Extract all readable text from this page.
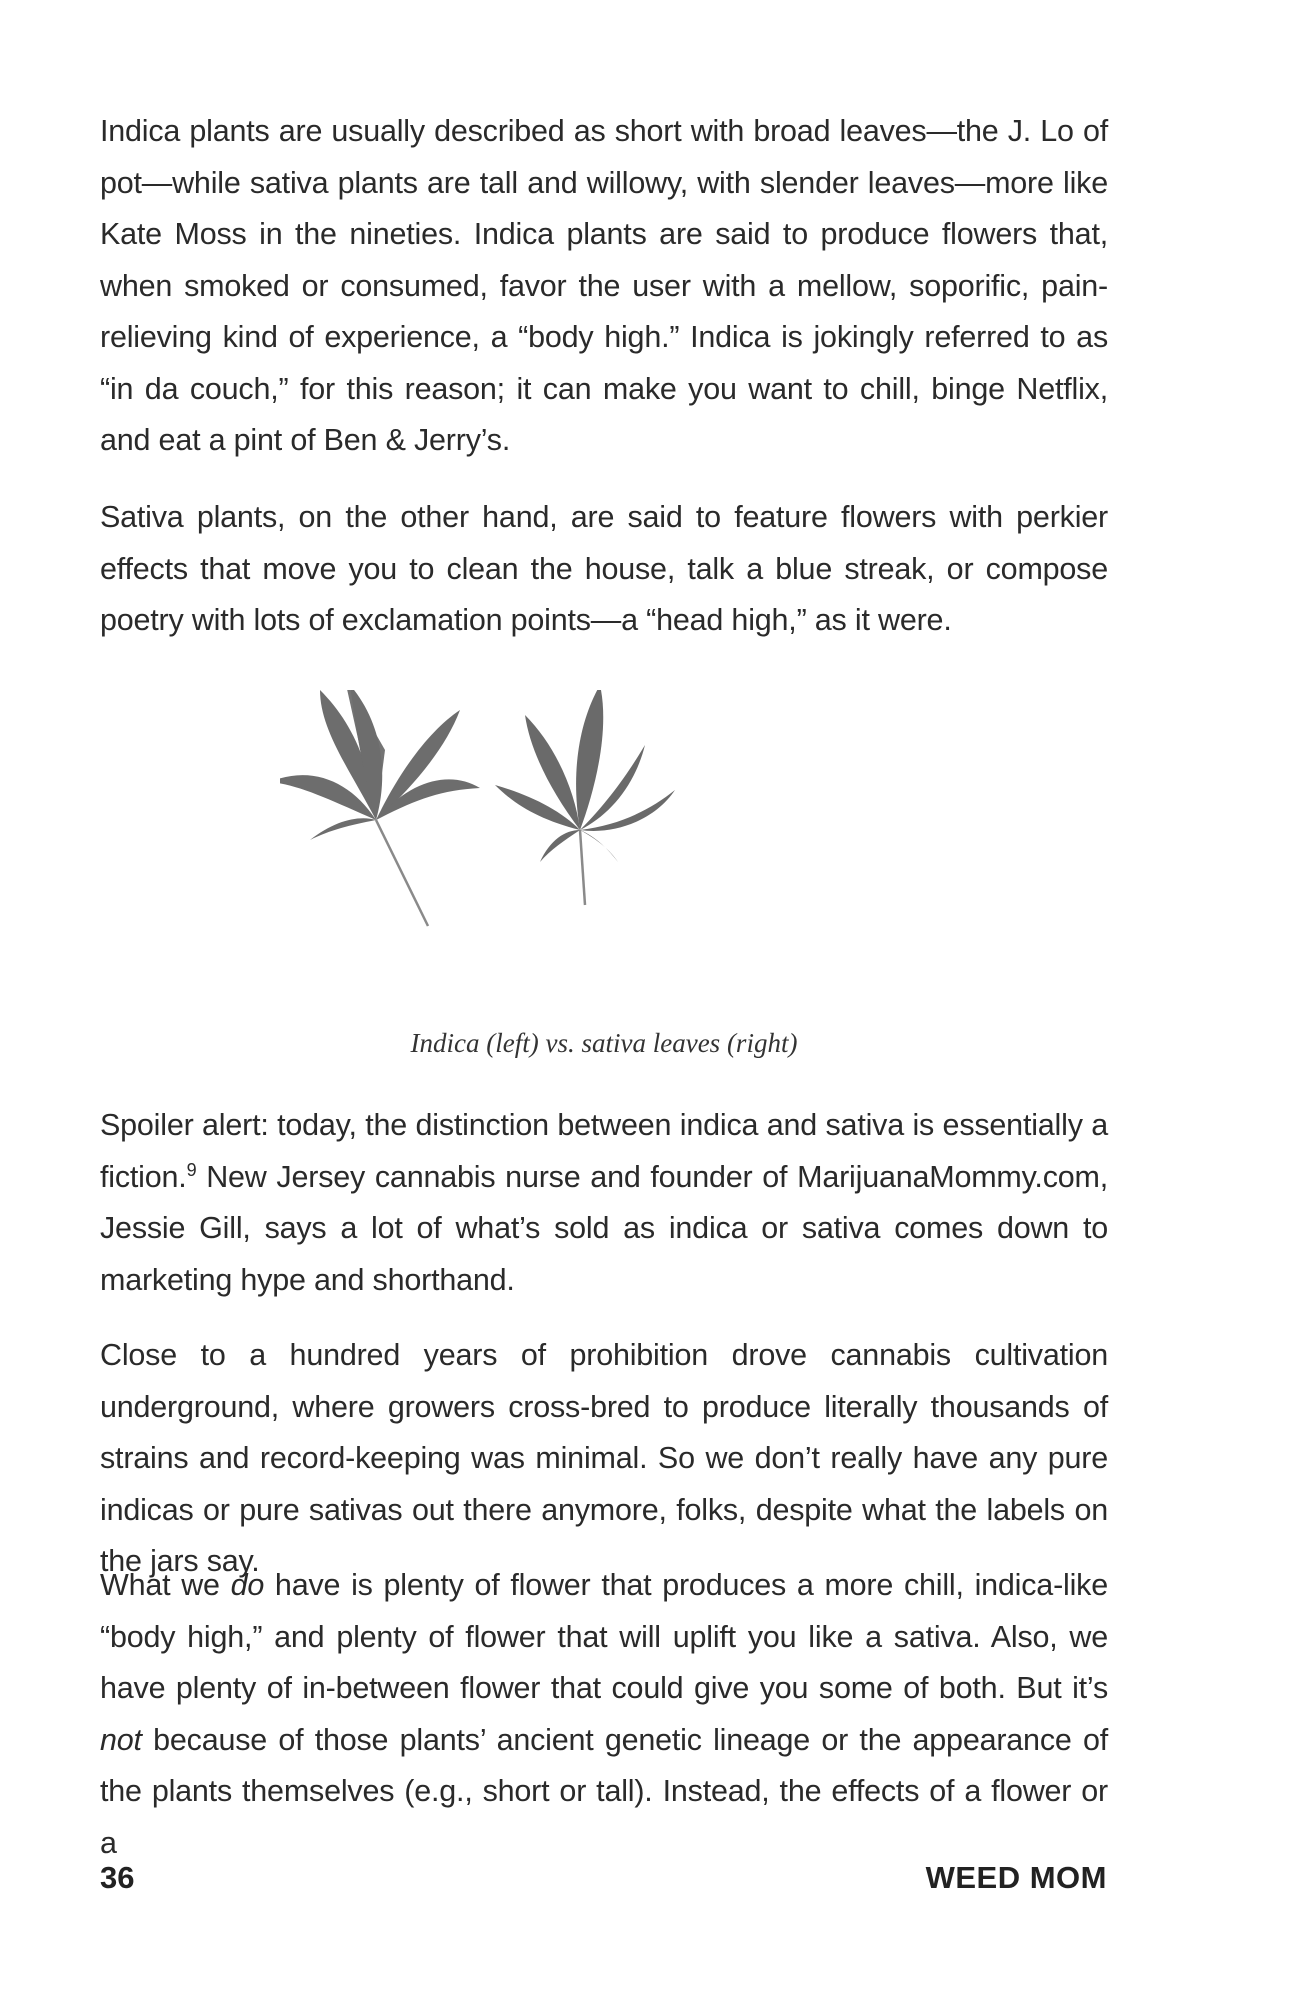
Indica plants are usually described as short with broad leaves—the J. Lo of pot—while sativa plants are tall and willowy, with slender leaves—more like Kate Moss in the nineties. Indica plants are said to produce flowers that, when smoked or consumed, favor the user with a mellow, soporific, pain-relieving kind of experience, a “body high.” Indica is jokingly referred to as “in da couch,” for this reason; it can make you want to chill, binge Netflix, and eat a pint of Ben & Jerry’s.

Sativa plants, on the other hand, are said to feature flowers with perkier effects that move you to clean the house, talk a blue streak, or compose poetry with lots of exclamation points—a “head high,” as it were.

Indica (left) vs. sativa leaves (right)

Spoiler alert: today, the distinction between indica and sativa is essentially a fiction.$^9$ New Jersey cannabis nurse and founder of MarijuanaMommy.com, Jessie Gill, says a lot of what’s sold as indica or sativa comes down to marketing hype and shorthand.

Close to a hundred years of prohibition drove cannabis cultivation underground, where growers cross-bred to produce literally thousands of strains and record-keeping was minimal. So we don’t really have any pure indicas or pure sativas out there anymore, folks, despite what the labels on the jars say.

What we do have is plenty of flower that produces a more chill, indica-like “body high,” and plenty of flower that will uplift you like a sativa. Also, we have plenty of in-between flower that could give you some of both. But it’s not because of those plants’ ancient genetic lineage or the appearance of the plants themselves (e.g., short or tall). Instead, the effects of a flower or a

36	WEED MOM
